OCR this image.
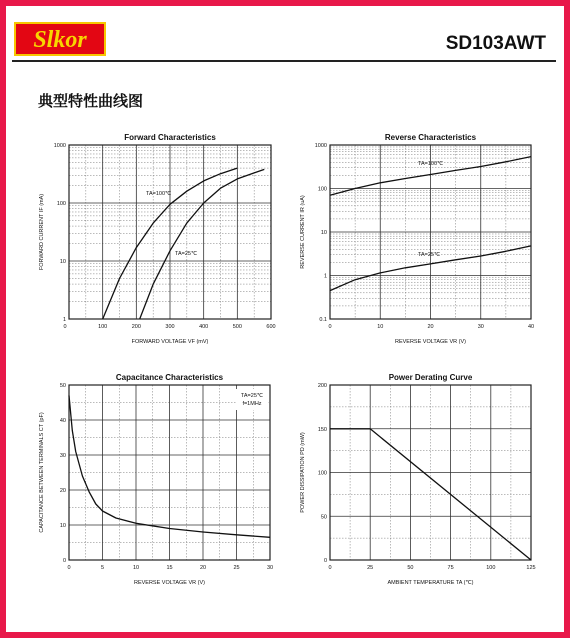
Slkor	SD103AWT
典型特性曲线图
100	200	300	400	500	600
0
1
10
100
1000
Forward Characteristics
FORWARD VOLTAGE VF (mV)
FORWARD CURRENT IF (mA)	TA=100℃
TA=25℃
0	10	20	30	40
0.1
1
10
100
1000
Reverse Characteristics
REVERSE VOLTAGE VR (V)
REVERSE CURRENT IR (uA)
TA=100℃
TA=25℃
0	5	10	15	20	25	30
0
10
20
30
40
50
Capacitance Characteristics
REVERSE VOLTAGE VR (V)
CAPACITANCE BETWEEN TERMINALS CT (pF)
TA=25℃
f=1MHz
0	25	50	75	100	125
0
50
100
150
200
Power Derating Curve
AMBIENT TEMPERATURE TA (℃)
POWER DISSIPATION PD (mW)
